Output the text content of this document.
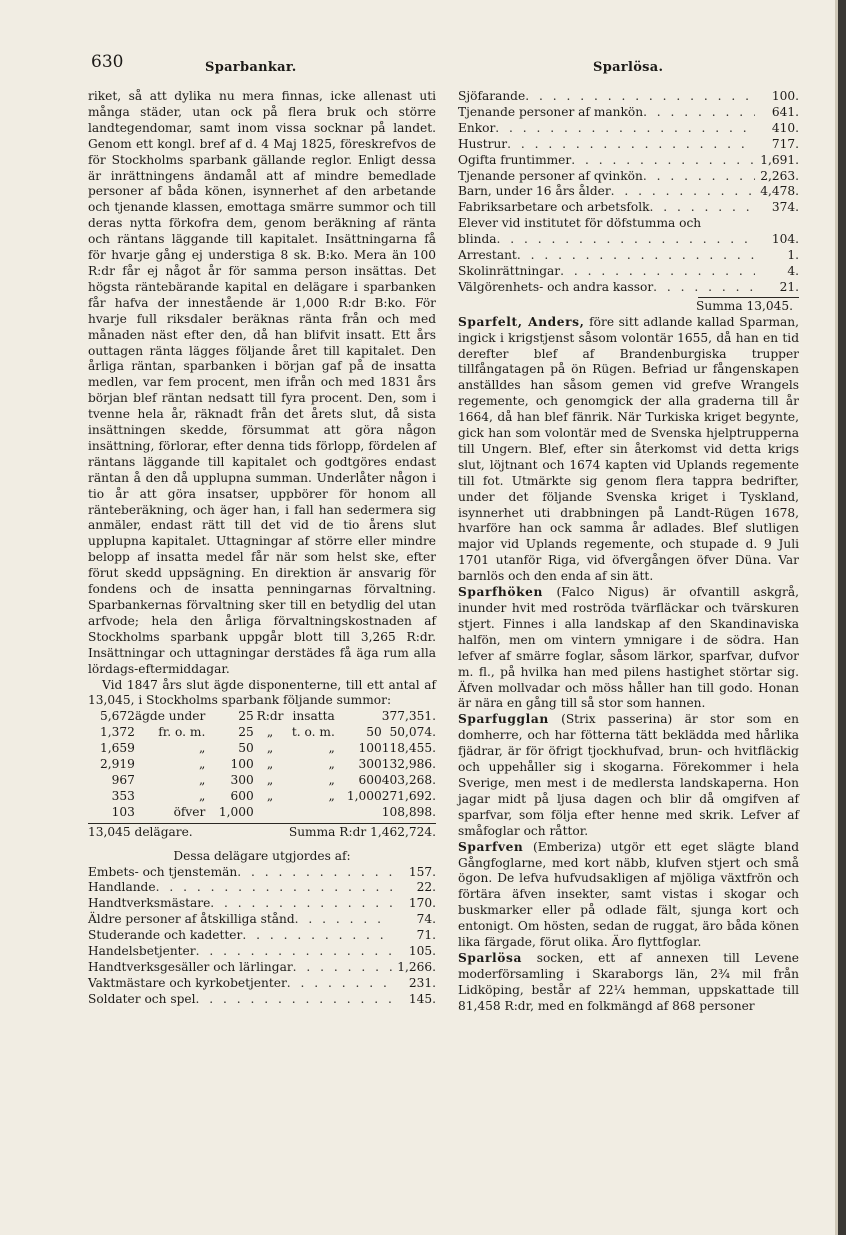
630	Sparbankar.	Sparlösa.

riket, så att dylika nu mera finnas, icke allenast uti många städer, utan ock på flera bruk och större landtegendomar, samt inom vissa socknar på landet. Genom ett kongl. bref af d. 4 Maj 1825, föreskrefvos de för Stockholms sparbank gällande reglor. Enligt dessa är inrättningens ändamål att af mindre bemedlade personer af båda könen, isynnerhet af den arbetande och tjenande klassen, emottaga smärre summor och till deras nytta förkofra dem, genom beräkning af ränta och räntans läggande till kapitalet. Insättningarna få för hvarje gång ej understiga 8 sk. B:ko. Mera än 100 R:dr får ej något år för samma person insättas. Det högsta räntebärande kapital en delägare i sparbanken får hafva der innestående är 1,000 R:dr B:ko. För hvarje full riksdaler beräknas ränta från och med månaden näst efter den, då han blifvit insatt. Ett års outtagen ränta lägges följande året till kapitalet. Den årliga räntan, sparbanken i början gaf på de insatta medlen, var fem procent, men ifrån och med 1831 års början blef räntan nedsatt till fyra procent. Den, som i tvenne hela år, räknadt från det årets slut, då sista insättningen skedde, försummat att göra någon insättning, förlorar, efter denna tids förlopp, fördelen af räntans läggande till kapitalet och godtgöres endast räntan å den då upplupna summan. Underlåter någon i tio år att göra insatser, uppbörer för honom all ränteberäkning, och äger han, i fall han sedermera sig anmäler, endast rätt till det vid de tio årens slut upplupna kapitalet. Uttagningar af större eller mindre belopp af insatta medel får när som helst ske, efter förut skedd uppsägning. En direktion är ansvarig för fondens och de insatta penningarnas förvaltning. Sparbankernas förvaltning sker till en betydlig del utan arfvode; hela den årliga förvaltningskostnaden af Stockholms sparbank uppgår blott till 3,265 R:dr. Insättningar och uttagningar derstädes få äga rum alla lördags-eftermiddagar.

Vid 1847 års slut ägde disponenterne, till ett antal af 13,045, i Stockholms sparbank följande summor:

5,672	ägde under	25	R:dr	insatta		377,351.
1,372	fr. o. m.	25	„	t. o. m.	50	50,074.
1,659	„	50	„	„	100	118,455.
2,919	„	100	„	„	300	132,986.
967	„	300	„	„	600	403,268.
353	„	600	„	„	1,000	271,692.
103	öfver	1,000				108,898.
13,045 delägare.	Summa R:dr 1,462,724.
Dessa delägare utgjordes af:
Embets- och tjenstemän . . .	157.
Handlande . . .	22.
Handtverksmästare . . .	170.
Äldre personer af åtskilliga stånd . . .	74.
Studerande och kadetter . . .	71.
Handelsbetjenter . . .	105.
Handtverksgesäller och lärlingar . . .	1,266.
Vaktmästare och kyrkobetjenter . . .	231.
Soldater och spel . . .	145.
Sjöfarande . . .	100.
Tjenande personer af mankön . . .	641.
Enkor . . .	410.
Hustrur . . .	717.
Ogifta fruntimmer . . .	1,691.
Tjenande personer af qvinkön . . .	2,263.
Barn, under 16 års ålder . . .	4,478.
Fabriksarbetare och arbetsfolk . . .	374.
Elever vid institutet för döfstumma och
blinda . . .	104.
Arrestant . . .	1.
Skolinrättningar . . .	4.
Välgörenhets- och andra kassor . . .	21.
Summa 13,045.

Sparfelt, Anders, före sitt adlande kallad Sparman, ingick i krigstjenst såsom volontär 1655, då han en tid derefter blef af Brandenburgiska trupper tillfångatagen på ön Rügen. Befriad ur fångenskapen anställdes han såsom gemen vid grefve Wrangels regemente, och genomgick der alla graderna till år 1664, då han blef fänrik. När Turkiska kriget begynte, gick han som volontär med de Svenska hjelptrupperna till Ungern. Blef, efter sin återkomst vid detta krigs slut, löjtnant och 1674 kapten vid Uplands regemente till fot. Utmärkte sig genom flera tappra bedrifter, under det följande Svenska kriget i Tyskland, isynnerhet uti drabbningen på Landt-Rügen 1678, hvarföre han ock samma år adlades. Blef slutligen major vid Uplands regemente, och stupade d. 9 Juli 1701 utanför Riga, vid öfvergången öfver Düna. Var barnlös och den enda af sin ätt.

Sparfhöken (Falco Nigus) är ofvantill askgrå, inunder hvit med roströda tvärfläckar och tvärskuren stjert. Finnes i alla landskap af den Skandinaviska halfön, men om vintern ymnigare i de södra. Han lefver af smärre foglar, såsom lärkor, sparfvar, dufvor m. fl., på hvilka han med pilens hastighet störtar sig. Äfven mollvadar och möss håller han till godo. Honan är nära en gång till så stor som hannen.

Sparfugglan (Strix passerina) är stor som en domherre, och har fötterna tätt beklädda med hårlika fjädrar, är för öfrigt tjockhufvad, brun- och hvitfläckig och uppehåller sig i skogarna. Förekommer i hela Sverige, men mest i de medlersta landskaperna. Hon jagar midt på ljusa dagen och blir då omgifven af sparfvar, som följa efter henne med skrik. Lefver af småfoglar och råttor.

Sparfven (Emberiza) utgör ett eget slägte bland Gångfoglarne, med kort näbb, klufven stjert och små ögon. De lefva hufvudsakligen af mjöliga växtfrön och förtära äfven insekter, samt vistas i skogar och buskmarker eller på odlade fält, sjunga kort och entonigt. Om hösten, sedan de ruggat, äro båda könen lika färgade, förut olika. Äro flyttfoglar.

Sparlösa socken, ett af annexen till Levene moderförsamling i Skaraborgs län, 2¾ mil från Lidköping, består af 22¼ hemman, uppskattade till 81,458 R:dr, med en folkmängd af 868 personer
